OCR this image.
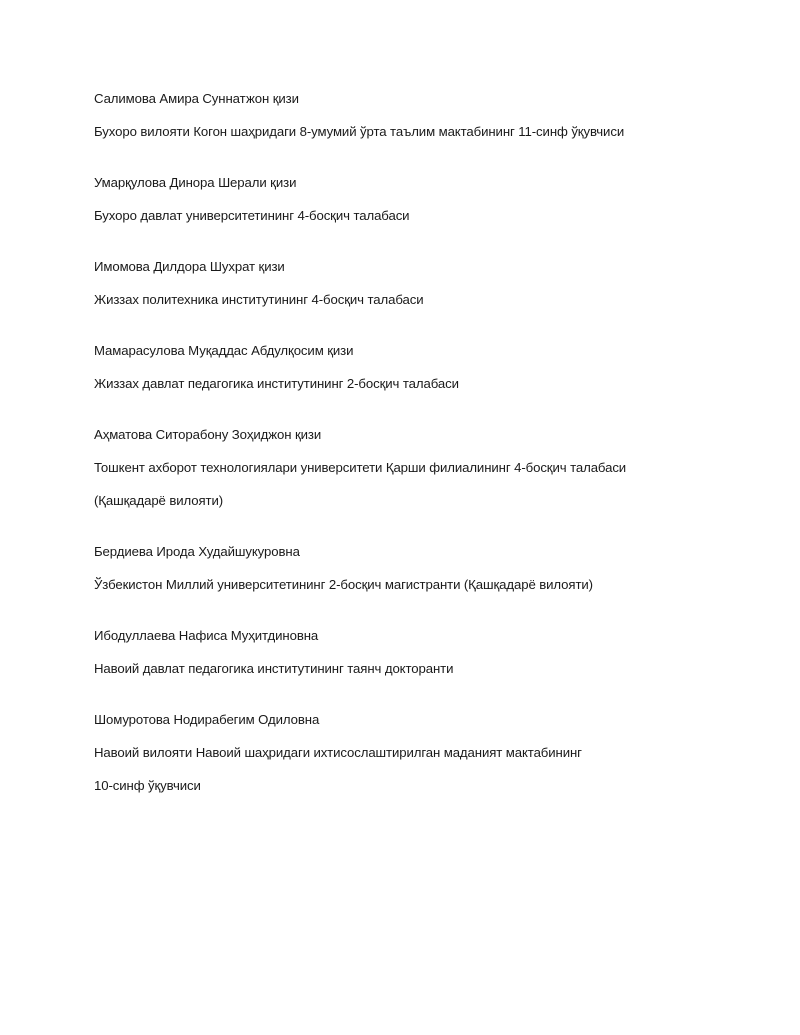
Салимова Амира Суннатжон қизи
Бухоро вилояти Когон шаҳридаги 8-умумий ўрта таълим мактабининг 11-синф ўқувчиси
Умарқулова Динора Шерали қизи
Бухоро давлат университетининг 4-босқич талабаси
Имомова Дилдора Шухрат қизи
Жиззах политехника институтининг 4-босқич талабаси
Мамарасулова Муқаддас Абдулқосим қизи
Жиззах давлат педагогика институтининг 2-босқич талабаси
Аҳматова Ситорабону Зоҳиджон қизи
Тошкент ахборот технологиялари университети Қарши филиалининг 4-босқич талабаси
(Қашқадарё вилояти)
Бердиева Ирода Худайшукуровна
Ўзбекистон Миллий университетининг 2-босқич магистранти (Қашқадарё вилояти)
Ибодуллаева Нафиса Муҳитдиновна
Навоий давлат педагогика институтининг таянч докторанти
Шомуротова Нодирабегим Одиловна
Навоий вилояти Навоий шаҳридаги ихтисослаштирилган маданият мактабининг
10-синф ўқувчиси
